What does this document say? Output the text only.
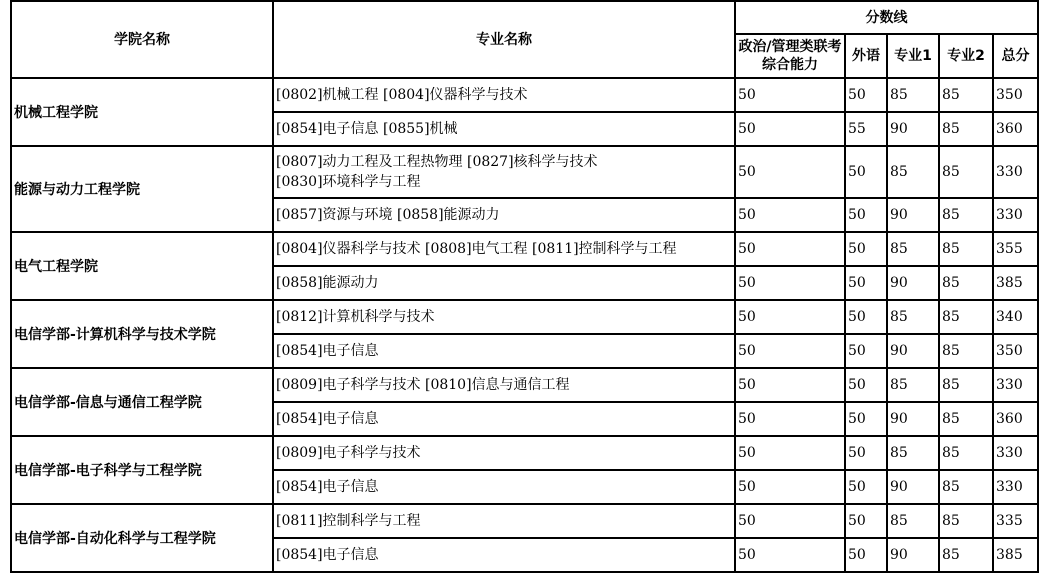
学院名称	专业名称	分数线				
		政治/管理类联考综合能力	外语	专业1	专业2	总分
机械工程学院	[0802]机械工程 [0804]仪器科学与技术	50	50	85	85	350

	[0854]电子信息 [0855]机械	50	55	90	85	360
能源与动力工程学院	[0807]动力工程及工程热物理 [0827]核科学与技术
[0830]环境科学与工程	50	50	85	85	330

	[0857]资源与环境 [0858]能源动力	50	50	90	85	330
电气工程学院	[0804]仪器科学与技术 [0808]电气工程 [0811]控制科学与工程	50	50	85	85	355

	[0858]能源动力	50	50	90	85	385
电信学部-计算机科学与技术学院	[0812]计算机科学与技术	50	50	85	85	340

	[0854]电子信息	50	50	90	85	350
电信学部-信息与通信工程学院	[0809]电子科学与技术 [0810]信息与通信工程	50	50	85	85	330

	[0854]电子信息	50	50	90	85	360
电信学部-电子科学与工程学院	[0809]电子科学与技术	50	50	85	85	330

	[0854]电子信息	50	50	90	85	330
电信学部-自动化科学与工程学院	[0811]控制科学与工程	50	50	85	85	335

	[0854]电子信息	50	50	90	85	385
